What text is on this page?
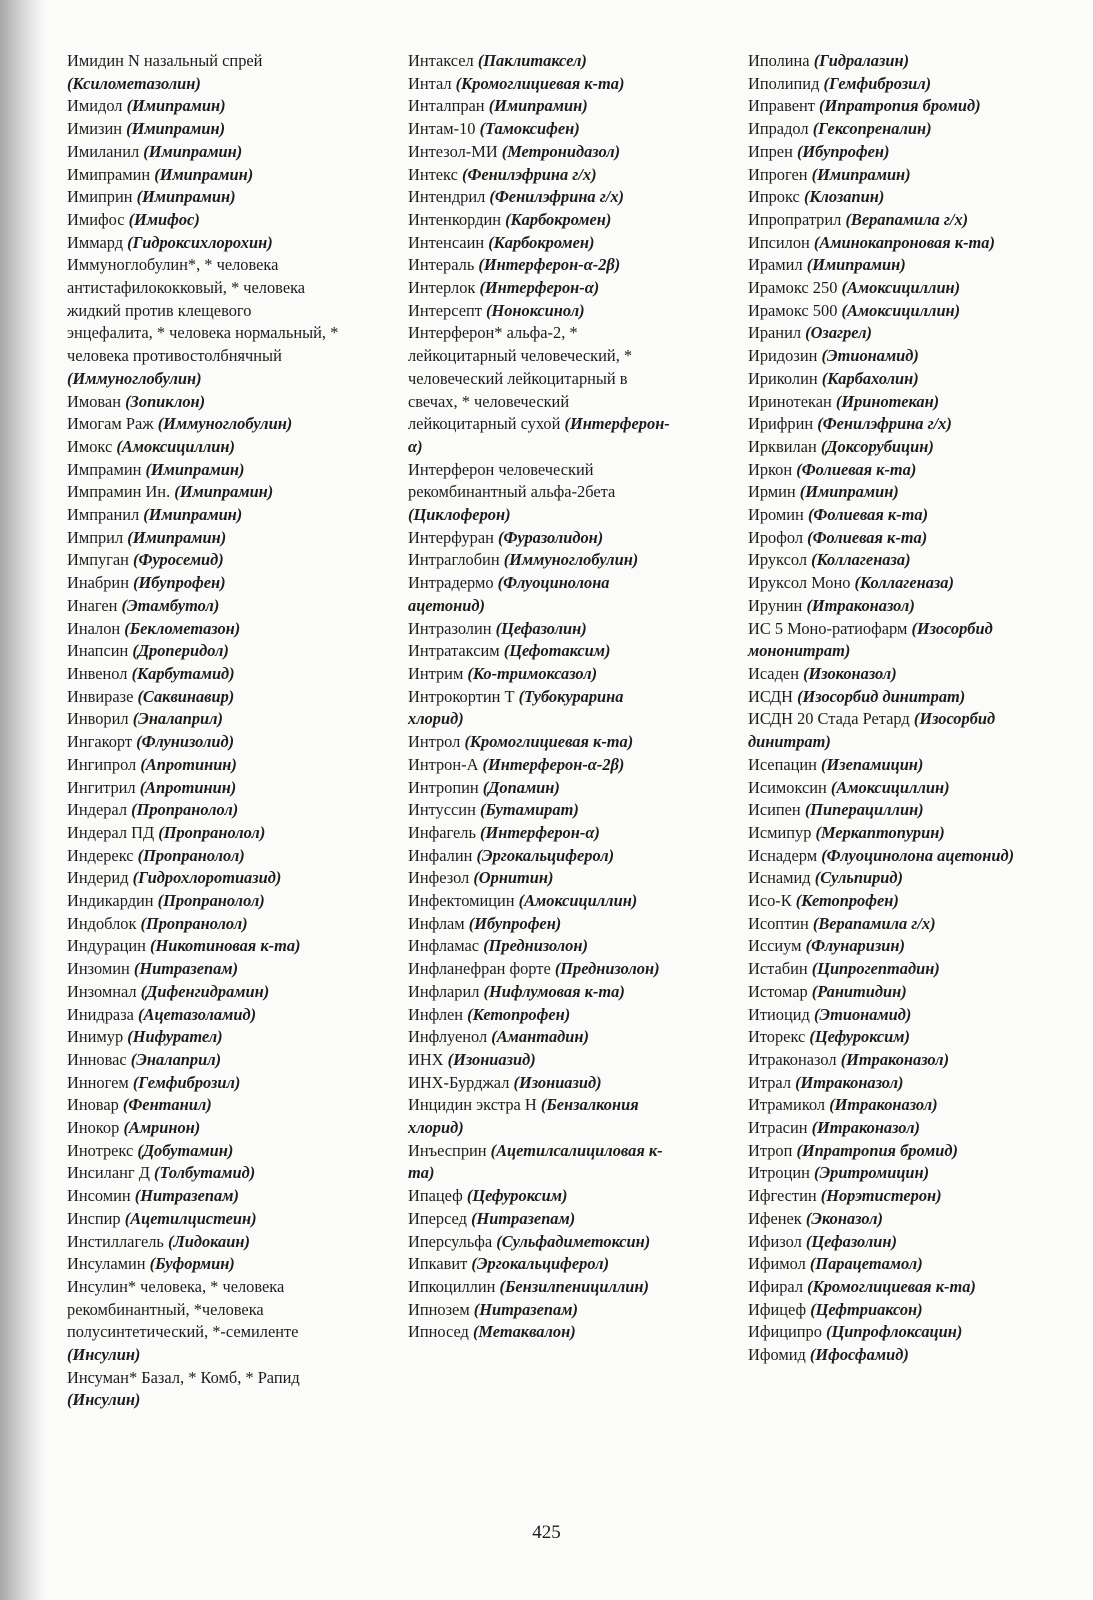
Имидин N назальный спрей (Ксилометазолин)
Имидол (Имипрамин)
Имизин (Имипрамин)
Имиланил (Имипрамин)
Имипрамин (Имипрамин)
Имиприн (Имипрамин)
Имифос (Имифос)
Иммард (Гидроксихлорохин)
Иммуноглобулин*, * человека антистафилококковый, * человека жидкий против клещевого энцефалита, * человека нормальный, * человека противостолбнячный (Иммуноглобулин)
Имован (Зопиклон)
Имогам Раж (Иммуноглобулин)
Имокс (Амоксициллин)
Импрамин (Имипрамин)
Импрамин Ин. (Имипрамин)
Импранил (Имипрамин)
Имприл (Имипрамин)
Импуган (Фуросемид)
Инабрин (Ибупрофен)
Инаген (Этамбутол)
Иналон (Беклометазон)
Инапсин (Дроперидол)
Инвенол (Карбутамид)
Инвиразе (Саквинавир)
Инворил (Эналаприл)
Ингакорт (Флунизолид)
Ингипрол (Апротинин)
Ингитрил (Апротинин)
Индерал (Пропранолол)
Индерал ПД (Пропранолол)
Индерекс (Пропранолол)
Индерид (Гидрохлоротиазид)
Индикардин (Пропранолол)
Индоблок (Пропранолол)
Индурацин (Никотиновая к-та)
Инзомин (Нитразепам)
Инзомнал (Дифенгидрамин)
Инидраза (Ацетазоламид)
Инимур (Нифурател)
Инновас (Эналаприл)
Инногем (Гемфиброзил)
Иновар (Фентанил)
Инокор (Амринон)
Инотрекс (Добутамин)
Инсиланг Д (Толбутамид)
Инсомин (Нитразепам)
Инспир (Ацетилцистеин)
Инстиллагель (Лидокаин)
Инсуламин (Буформин)
Инсулин* человека, * человека рекомбинантный, *человека полусинтетический, *-семиленте (Инсулин)
Инсуман* Базал, * Комб, * Рапид (Инсулин)
Интаксел (Паклитаксел)
Интал (Кромоглициевая к-та)
Инталпран (Имипрамин)
Интам-10 (Тамоксифен)
Интезол-МИ (Метронидазол)
Интекс (Фенилэфрина г/х)
Интендрил (Фенилэфрина г/х)
Интенкордин (Карбокромен)
Интенсаин (Карбокромен)
Интераль (Интерферон-α-2β)
Интерлок (Интерферон-α)
Интерсепт (Ноноксинол)
Интерферон* альфа-2, * лейкоцитарный человеческий, * человеческий лейкоцитарный в свечах, * человеческий лейкоцитарный сухой (Интерферон-α)
Интерферон человеческий рекомбинантный альфа-2бета (Циклоферон)
Интерфуран (Фуразолидон)
Интраглобин (Иммуноглобулин)
Интрадермо (Флуоцинолона ацетонид)
Интразолин (Цефазолин)
Интратаксим (Цефотаксим)
Интрим (Ко-тримоксазол)
Интрокортин Т (Тубокурарина хлорид)
Интрол (Кромоглициевая к-та)
Интрон-А (Интерферон-α-2β)
Интропин (Допамин)
Интуссин (Бутамират)
Инфагель (Интерферон-α)
Инфалин (Эргокальциферол)
Инфезол (Орнитин)
Инфектомицин (Амоксициллин)
Инфлам (Ибупрофен)
Инфламас (Преднизолон)
Инфланефран форте (Преднизолон)
Инфларил (Нифлумовая к-та)
Инфлен (Кетопрофен)
Инфлуенол (Амантадин)
ИНХ (Изониазид)
ИНХ-Бурджал (Изониазид)
Инцидин экстра Н (Бензалкония хлорид)
Инъесприн (Ацетилсалициловая к-та)
Ипацеф (Цефуроксим)
Иперсед (Нитразепам)
Иперсульфа (Сульфадиметоксин)
Ипкавит (Эргокальциферол)
Ипкоциллин (Бензилпенициллин)
Ипнозем (Нитразепам)
Ипносед (Метаквалон)
Иполина (Гидралазин)
Иполипид (Гемфиброзил)
Иправент (Ипратропия бромид)
Ипрадол (Гексопреналин)
Ипрен (Ибупрофен)
Ипроген (Имипрамин)
Ипрокс (Клозапин)
Ипропратрил (Верапамила г/х)
Ипсилон (Аминокапроновая к-та)
Ирамил (Имипрамин)
Ирамокс 250 (Амоксициллин)
Ирамокс 500 (Амоксициллин)
Иранил (Озагрел)
Иридозин (Этионамид)
Ириколин (Карбахолин)
Иринотекан (Иринотекан)
Ирифрин (Фенилэфрина г/х)
Ирквилан (Доксорубицин)
Иркон (Фолиевая к-та)
Ирмин (Имипрамин)
Иромин (Фолиевая к-та)
Ирофол (Фолиевая к-та)
Ируксол (Коллагеназа)
Ируксол Моно (Коллагеназа)
Ирунин (Итраконазол)
ИС 5 Моно-ратиофарм (Изосорбид мононитрат)
Исаден (Изоконазол)
ИСДН (Изосорбид динитрат)
ИСДН 20 Стада Ретард (Изосорбид динитрат)
Исепацин (Изепамицин)
Исимоксин (Амоксициллин)
Исипен (Пиперациллин)
Исмипур (Меркаптопурин)
Иснадерм (Флуоцинолона ацетонид)
Иснамид (Сульпирид)
Исо-К (Кетопрофен)
Исоптин (Верапамила г/х)
Иссиум (Флунаризин)
Истабин (Ципрогептадин)
Истомар (Ранитидин)
Итиоцид (Этионамид)
Иторекс (Цефуроксим)
Итраконазол (Итраконазол)
Итрал (Итраконазол)
Итрамикол (Итраконазол)
Итрасин (Итраконазол)
Итроп (Ипратропия бромид)
Итроцин (Эритромицин)
Ифгестин (Норэтистерон)
Ифенек (Эконазол)
Ифизол (Цефазолин)
Ифимол (Парацетамол)
Ифирал (Кромоглициевая к-та)
Ифицеф (Цефтриаксон)
Ифиципро (Ципрофлоксацин)
Ифомид (Ифосфамид)
425
